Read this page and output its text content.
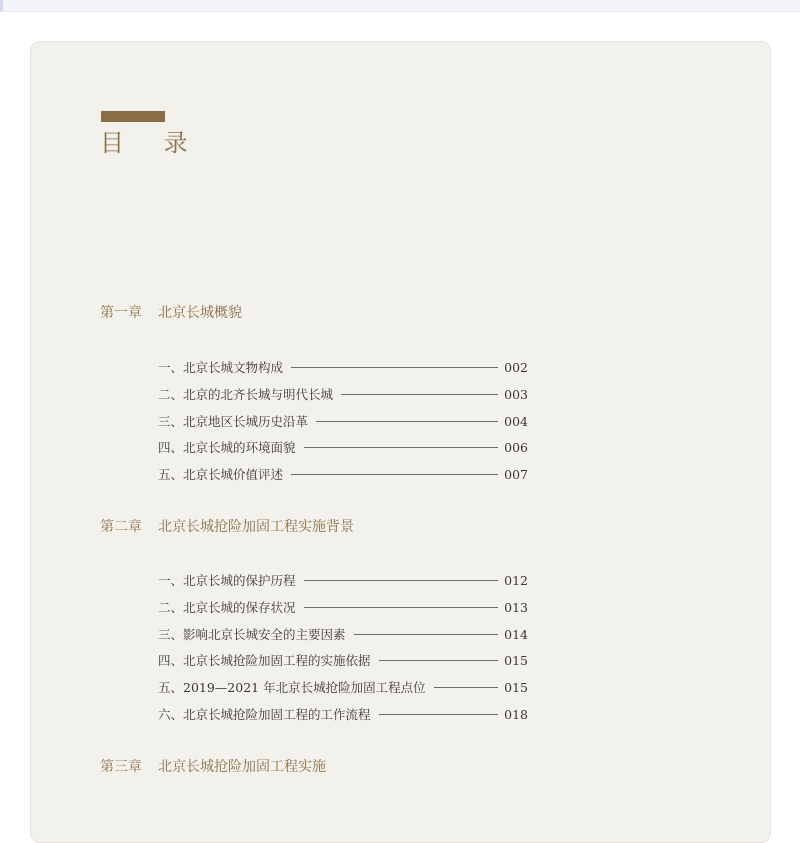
目 录
第一章 北京长城概貌
一、北京长城文物构成	002
二、北京的北齐长城与明代长城	003
三、北京地区长城历史沿革	004
四、北京长城的环境面貌	006
五、北京长城价值评述	007
第二章 北京长城抢险加固工程实施背景
一、北京长城的保护历程	012
二、北京长城的保存状况	013
三、影响北京长城安全的主要因素	014
四、北京长城抢险加固工程的实施依据	015
五、2019—2021 年北京长城抢险加固工程点位	015
六、北京长城抢险加固工程的工作流程	018
第三章 北京长城抢险加固工程实施
